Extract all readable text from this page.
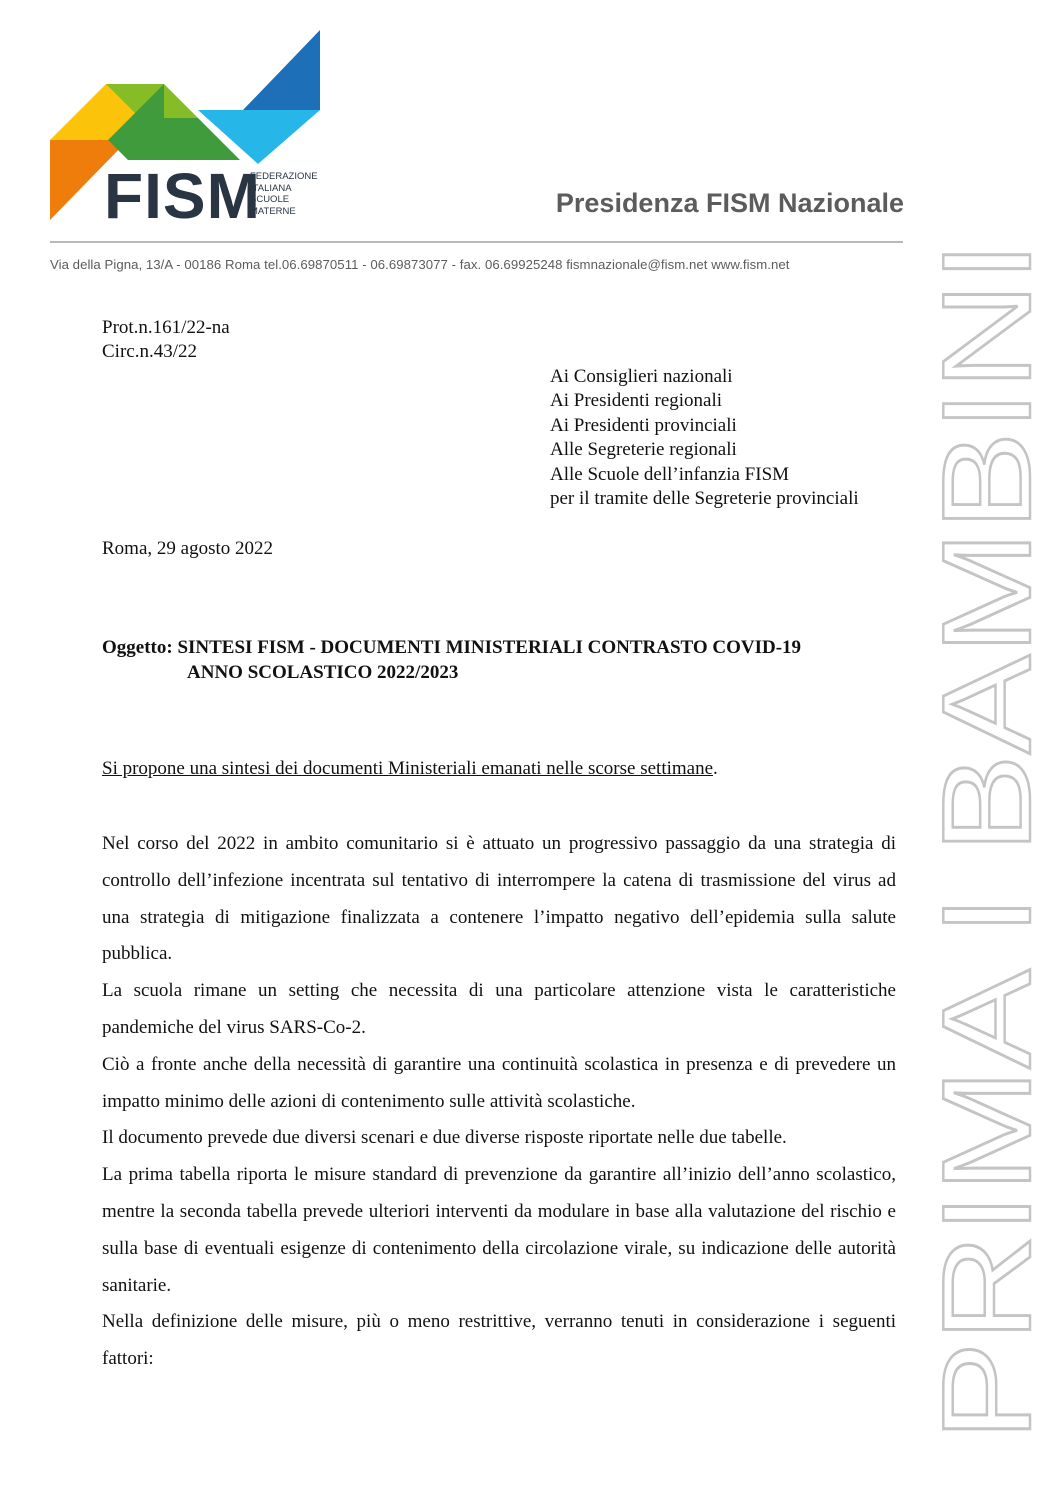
FISM
FEDERAZIONE
ITALIANA
SCUOLE
MATERNE	Presidenza FISM Nazionale
Via della Pigna, 13/A - 00186 Roma tel.06.69870511 - 06.69873077 - fax. 06.69925248 fismnazionale@fism.net www.fism.net
PRIMA I BAMBINI
Prot.n.161/22-na
Circ.n.43/22
Ai Consiglieri nazionali
Ai Presidenti regionali
Ai Presidenti provinciali
Alle Segreterie regionali
Alle Scuole dell’infanzia FISM
per il tramite delle Segreterie provinciali
Roma, 29 agosto 2022
Oggetto: SINTESI FISM - DOCUMENTI MINISTERIALI CONTRASTO COVID-19
ANNO SCOLASTICO 2022/2023
Si propone una sintesi dei documenti Ministeriali emanati nelle scorse settimane.

Nel corso del 2022 in ambito comunitario si è attuato un progressivo passaggio da una strategia di controllo dell’infezione incentrata sul tentativo di interrompere la catena di trasmissione del virus ad una strategia di mitigazione finalizzata a contenere l’impatto negativo dell’epidemia sulla salute pubblica.

La scuola rimane un setting che necessita di una particolare attenzione vista le caratteristiche pandemiche del virus SARS-Co-2.

Ciò a fronte anche della necessità di garantire una continuità scolastica in presenza e di prevedere un impatto minimo delle azioni di contenimento sulle attività scolastiche.

Il documento prevede due diversi scenari e due diverse risposte riportate nelle due tabelle.

La prima tabella riporta le misure standard di prevenzione da garantire all’inizio dell’anno scolastico, mentre la seconda tabella prevede ulteriori interventi da modulare in base alla valutazione del rischio e sulla base di eventuali esigenze di contenimento della circolazione virale, su indicazione delle autorità sanitarie.

Nella definizione delle misure, più o meno restrittive, verranno tenuti in considerazione i seguenti fattori:
